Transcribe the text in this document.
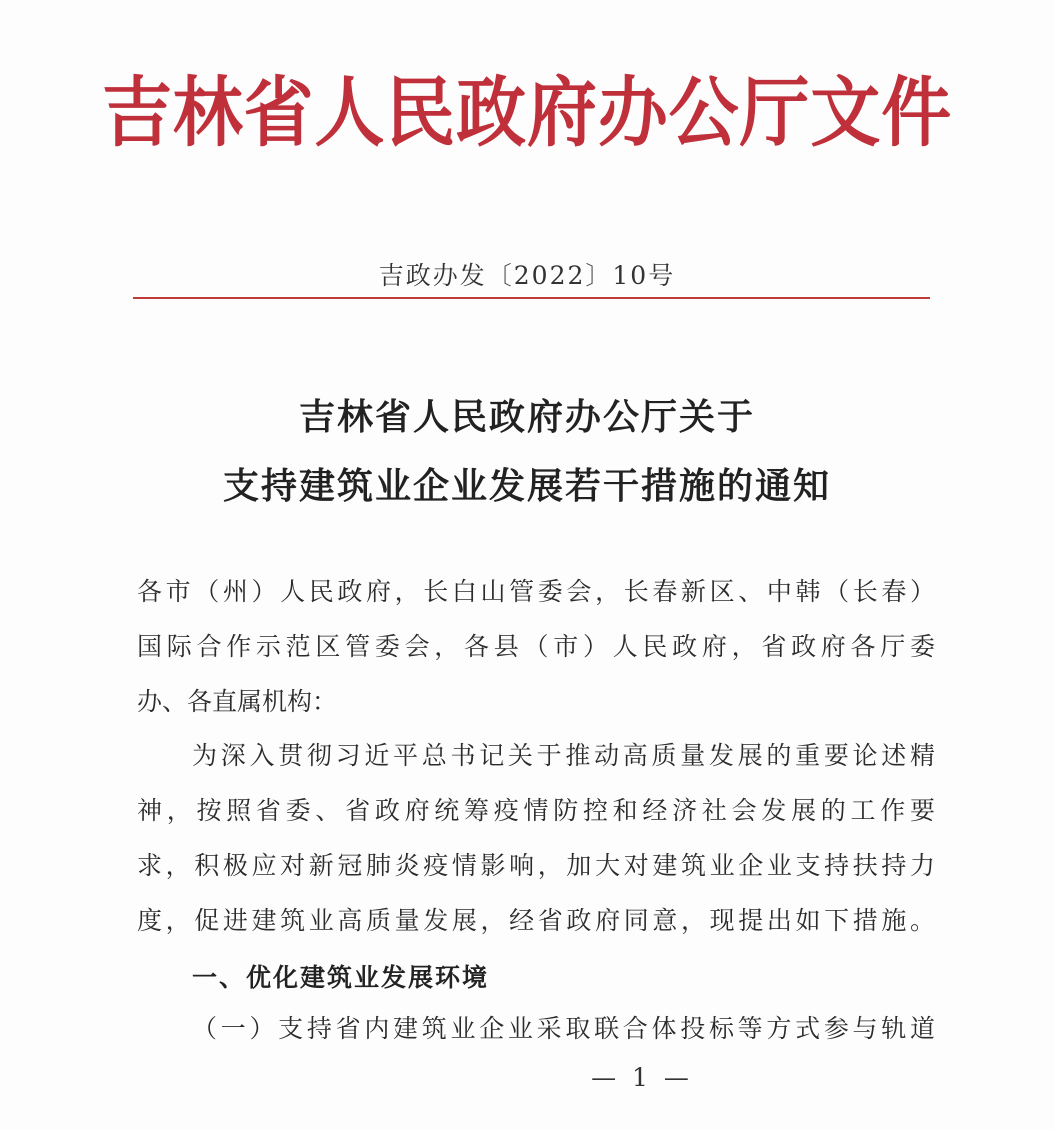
吉林省人民政府办公厅文件
吉政办发〔2022〕10号
吉林省人民政府办公厅关于
支持建筑业企业发展若干措施的通知
各市（州）人民政府，长白山管委会，长春新区、中韩（长春）
国际合作示范区管委会，各县（市）人民政府，省政府各厅委
办、各直属机构：
为深入贯彻习近平总书记关于推动高质量发展的重要论述精
神，按照省委、省政府统筹疫情防控和经济社会发展的工作要
求，积极应对新冠肺炎疫情影响，加大对建筑业企业支持扶持力
度，促进建筑业高质量发展，经省政府同意，现提出如下措施。
一、优化建筑业发展环境
（一）支持省内建筑业企业采取联合体投标等方式参与轨道
— 1 —
